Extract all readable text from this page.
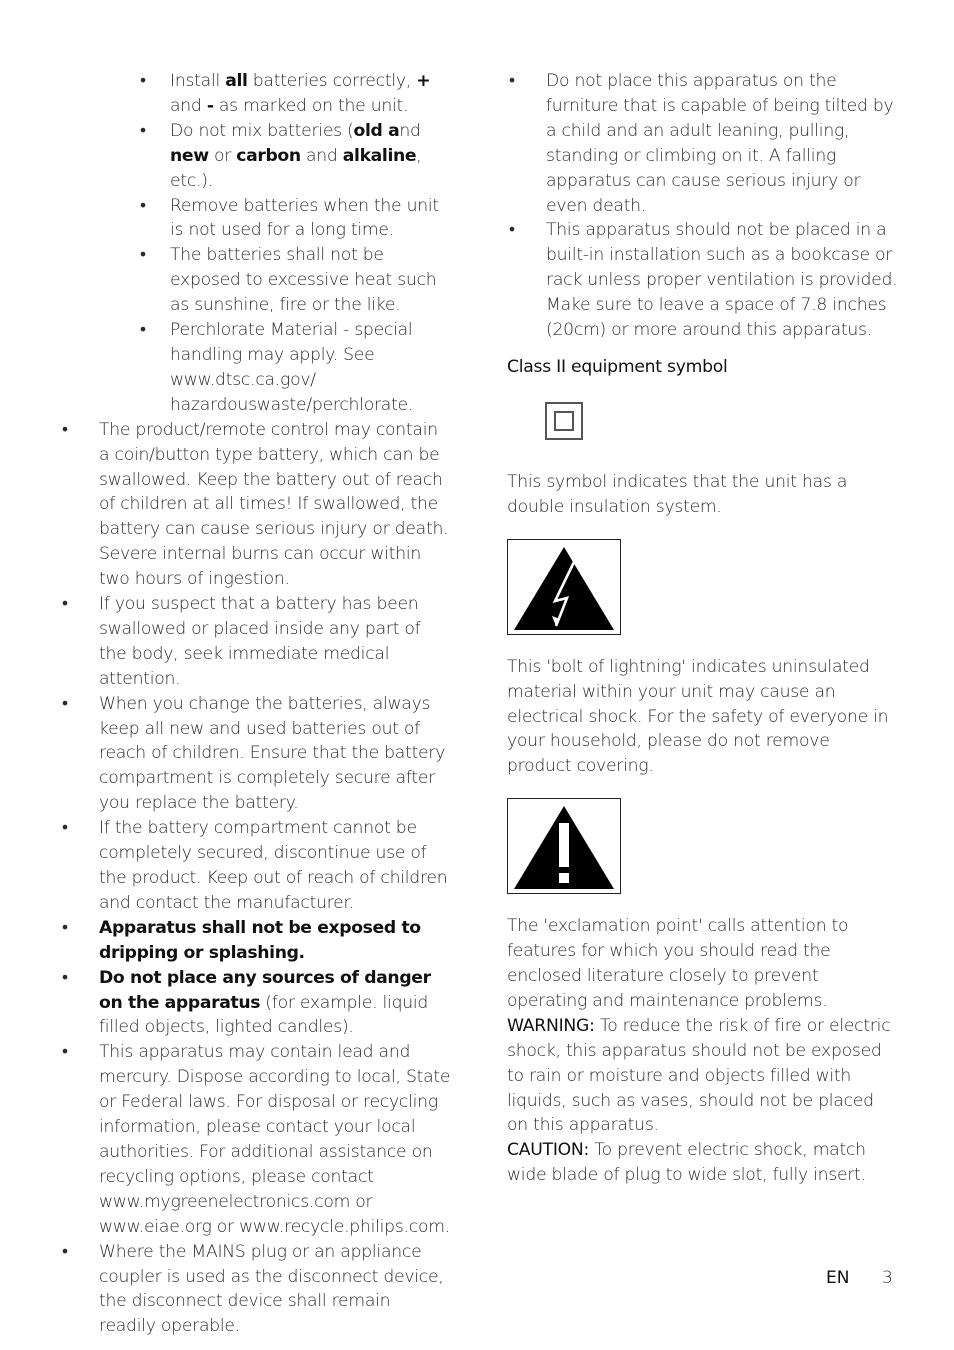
• Install all batteries correctly, + and - as marked on the unit.
• Do not mix batteries (old and new or carbon and alkaline, etc.).
• Remove batteries when the unit is not used for a long time.
• The batteries shall not be exposed to excessive heat such as sunshine, fire or the like.
• Perchlorate Material - special handling may apply. See www.dtsc.ca.gov/ hazardouswaste/perchlorate.
• The product/remote control may contain a coin/button type battery, which can be swallowed. Keep the battery out of reach of children at all times! If swallowed, the battery can cause serious injury or death. Severe internal burns can occur within two hours of ingestion.
• If you suspect that a battery has been swallowed or placed inside any part of the body, seek immediate medical attention.
• When you change the batteries, always keep all new and used batteries out of reach of children. Ensure that the battery compartment is completely secure after you replace the battery.
• If the battery compartment cannot be completely secured, discontinue use of the product. Keep out of reach of children and contact the manufacturer.
• Apparatus shall not be exposed to dripping or splashing.
• Do not place any sources of danger on the apparatus (for example. liquid filled objects, lighted candles).
• This apparatus may contain lead and mercury. Dispose according to local, State or Federal laws. For disposal or recycling information, please contact your local authorities. For additional assistance on recycling options, please contact www.mygreenelectronics.com or www.eiae.org or www.recycle.philips.com.
• Where the MAINS plug or an appliance coupler is used as the disconnect device, the disconnect device shall remain readily operable.
• Do not place this apparatus on the furniture that is capable of being tilted by a child and an adult leaning, pulling, standing or climbing on it. A falling apparatus can cause serious injury or even death.
• This apparatus should not be placed in a built-in installation such as a bookcase or rack unless proper ventilation is provided. Make sure to leave a space of 7.8 inches (20cm) or more around this apparatus.

Class II equipment symbol

This symbol indicates that the unit has a double insulation system.

This 'bolt of lightning' indicates uninsulated material within your unit may cause an electrical shock. For the safety of everyone in your household, please do not remove product covering.

The 'exclamation point' calls attention to features for which you should read the enclosed literature closely to prevent operating and maintenance problems.

WARNING: To reduce the risk of fire or electric shock, this apparatus should not be exposed to rain or moisture and objects filled with liquids, such as vases, should not be placed on this apparatus.

CAUTION: To prevent electric shock, match wide blade of plug to wide slot, fully insert.

EN 3
